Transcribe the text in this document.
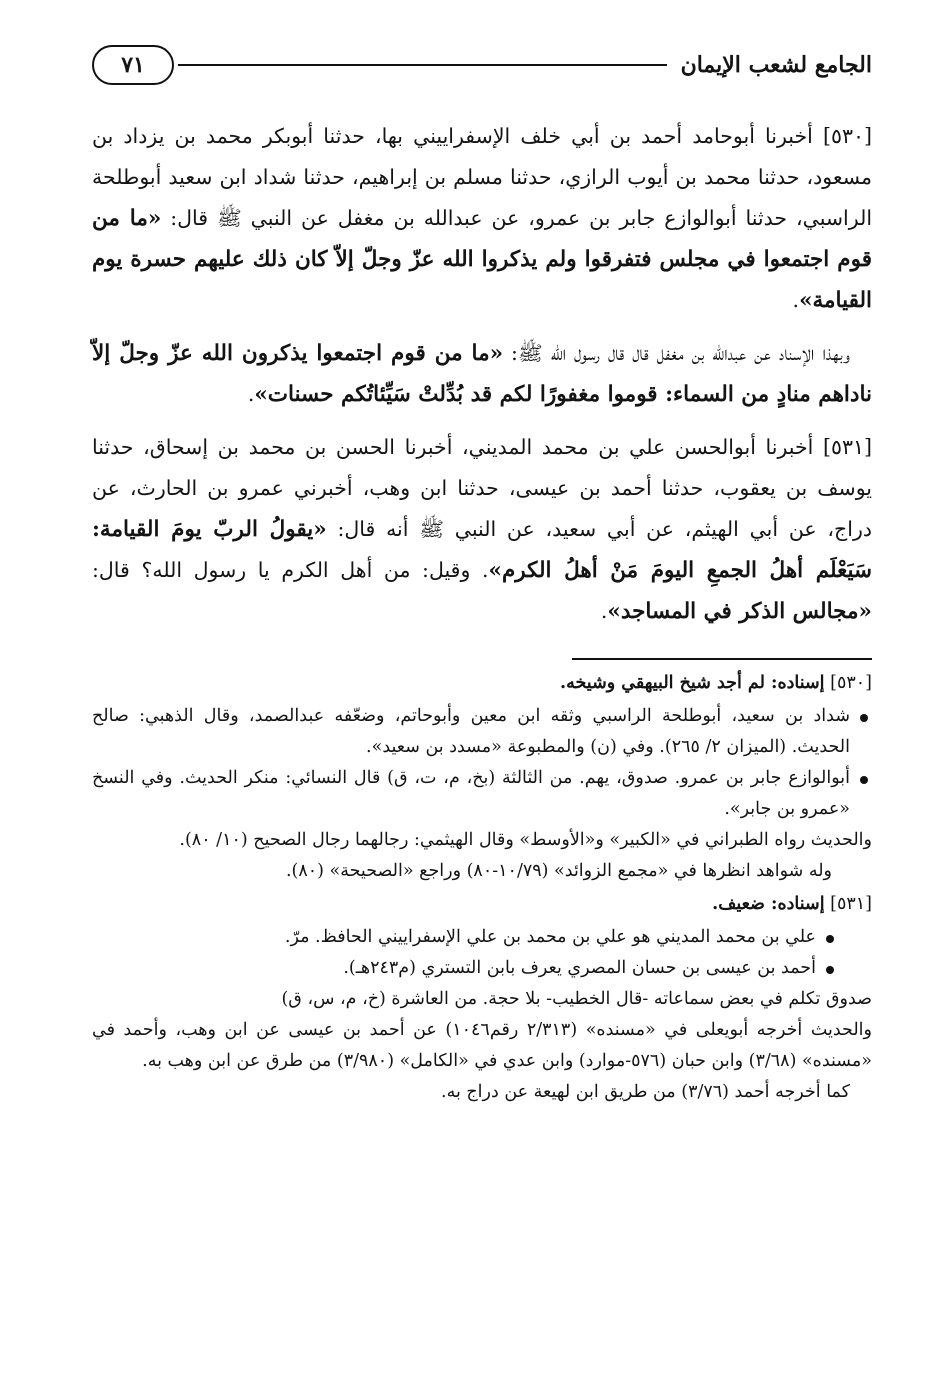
الجامع لشعب الإيمان
٧١

[٥٣٠] أخبرنا أبوحامد أحمد بن أبي خلف الإسفراييني بها، حدثنا أبوبكر محمد بن يزداد بن مسعود، حدثنا محمد بن أيوب الرازي، حدثنا مسلم بن إبراهيم، حدثنا شداد ابن سعيد أبوطلحة الراسبي، حدثنا أبوالوازع جابر بن عمرو، عن عبدالله بن مغفل عن النبي ﷺ قال: «ما من قوم اجتمعوا في مجلس فتفرقوا ولم يذكروا الله عزّ وجلّ إلاّ كان ذلك عليهم حسرة يوم القيامة».

وبهذا الإسناد عن عبدالله بن مغفل قال قال رسول الله ﷺ: «ما من قوم اجتمعوا يذكرون الله عزّ وجلّ إلاّ ناداهم منادٍ من السماء: قوموا مغفورًا لكم قد بُدِّلتْ سَيِّئاتُكم حسنات».

[٥٣١] أخبرنا أبوالحسن علي بن محمد المديني، أخبرنا الحسن بن محمد بن إسحاق، حدثنا يوسف بن يعقوب، حدثنا أحمد بن عيسى، حدثنا ابن وهب، أخبرني عمرو بن الحارث، عن دراج، عن أبي الهيثم، عن أبي سعيد، عن النبي ﷺ أنه قال: «يقولُ الربّ يومَ القيامة: سَيَعْلَم أهلُ الجمعِ اليومَ مَنْ أهلُ الكرم». وقيل: من أهل الكرم يا رسول الله؟ قال: «مجالس الذكر في المساجد».

[٥٣٠] إسناده: لم أجد شيخ البيهقي وشيخه.

شداد بن سعيد، أبوطلحة الراسبي وثقه ابن معين وأبوحاتم، وضعّفه عبدالصمد، وقال الذهبي: صالح الحديث. (الميزان ٢/ ٢٦٥). وفي (ن) والمطبوعة «مسدد بن سعيد».

أبوالوازع جابر بن عمرو. صدوق، يهم. من الثالثة (بخ، م، ت، ق) قال النسائي: منكر الحديث. وفي النسخ «عمرو بن جابر».

والحديث رواه الطبراني في «الكبير» و«الأوسط» وقال الهيثمي: رجالهما رجال الصحيح (١٠/ ٨٠).

وله شواهد انظرها في «مجمع الزوائد» (١٠/٧٩-٨٠) وراجع «الصحيحة» (٨٠).

[٥٣١] إسناده: ضعيف.

علي بن محمد المديني هو علي بن محمد بن علي الإسفراييني الحافظ. مرّ.

أحمد بن عيسى بن حسان المصري يعرف بابن التستري (م٢٤٣هـ).

صدوق تكلم في بعض سماعاته -قال الخطيب- بلا حجة. من العاشرة (خ، م، س، ق)

والحديث أخرجه أبويعلى في «مسنده» (٢/٣١٣ رقم١٠٤٦) عن أحمد بن عيسى عن ابن وهب، وأحمد في «مسنده» (٣/٦٨) وابن حبان (٥٧٦-موارد) وابن عدي في «الكامل» (٣/٩٨٠) من طرق عن ابن وهب به.

كما أخرجه أحمد (٣/٧٦) من طريق ابن لهيعة عن دراج به.
